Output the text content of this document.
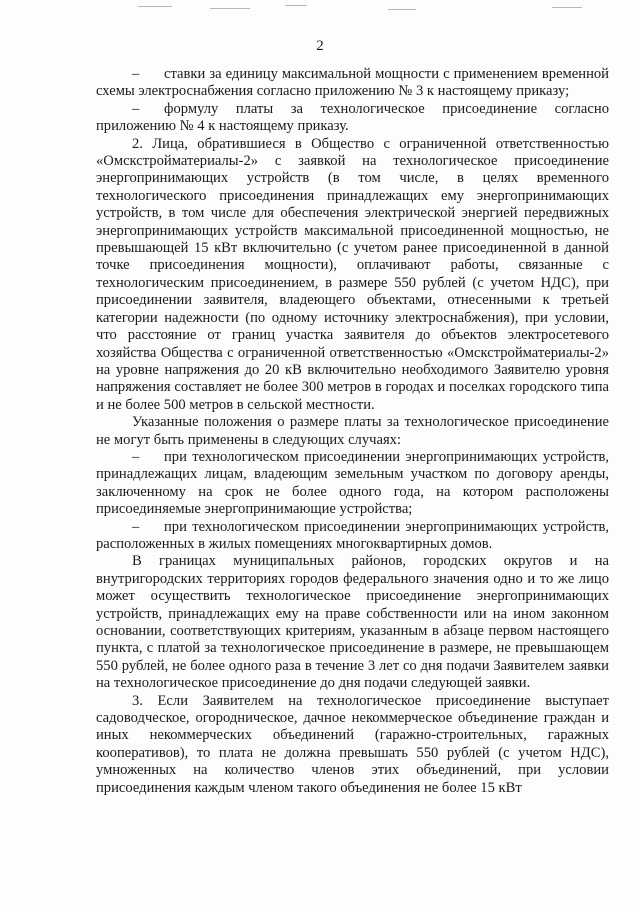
2

– ставки за единицу максимальной мощности с применением временной схемы электроснабжения согласно приложению № 3 к настоящему приказу;

– формулу платы за технологическое присоединение согласно приложению № 4 к настоящему приказу.

2. Лица, обратившиеся в Общество с ограниченной ответственностью «Омскстройматериалы-2» с заявкой на технологическое присоединение энергопринимающих устройств (в том числе, в целях временного технологического присоединения принадлежащих ему энергопринимающих устройств, в том числе для обеспечения электрической энергией передвижных энергопринимающих устройств максимальной присоединенной мощностью, не превышающей 15 кВт включительно (с учетом ранее присоединенной в данной точке присоединения мощности), оплачивают работы, связанные с технологическим присоединением, в размере 550 рублей (с учетом НДС), при присоединении заявителя, владеющего объектами, отнесенными к третьей категории надежности (по одному источнику электроснабжения), при условии, что расстояние от границ участка заявителя до объектов электросетевого хозяйства Общества с ограниченной ответственностью «Омскстройматериалы-2» на уровне напряжения до 20 кВ включительно необходимого Заявителю уровня напряжения составляет не более 300 метров в городах и поселках городского типа и не более 500 метров в сельской местности.

Указанные положения о размере платы за технологическое присоединение не могут быть применены в следующих случаях:

– при технологическом присоединении энергопринимающих устройств, принадлежащих лицам, владеющим земельным участком по договору аренды, заключенному на срок не более одного года, на котором расположены присоединяемые энергопринимающие устройства;

– при технологическом присоединении энергопринимающих устройств, расположенных в жилых помещениях многоквартирных домов.

В границах муниципальных районов, городских округов и на внутригородских территориях городов федерального значения одно и то же лицо может осуществить технологическое присоединение энергопринимающих устройств, принадлежащих ему на праве собственности или на ином законном основании, соответствующих критериям, указанным в абзаце первом настоящего пункта, с платой за технологическое присоединение в размере, не превышающем 550 рублей, не более одного раза в течение 3 лет со дня подачи Заявителем заявки на технологическое присоединение до дня подачи следующей заявки.

3. Если Заявителем на технологическое присоединение выступает садоводческое, огородническое, дачное некоммерческое объединение граждан и иных некоммерческих объединений (гаражно-строительных, гаражных кооперативов), то плата не должна превышать 550 рублей (с учетом НДС), умноженных на количество членов этих объединений, при условии присоединения каждым членом такого объединения не более 15 кВт
